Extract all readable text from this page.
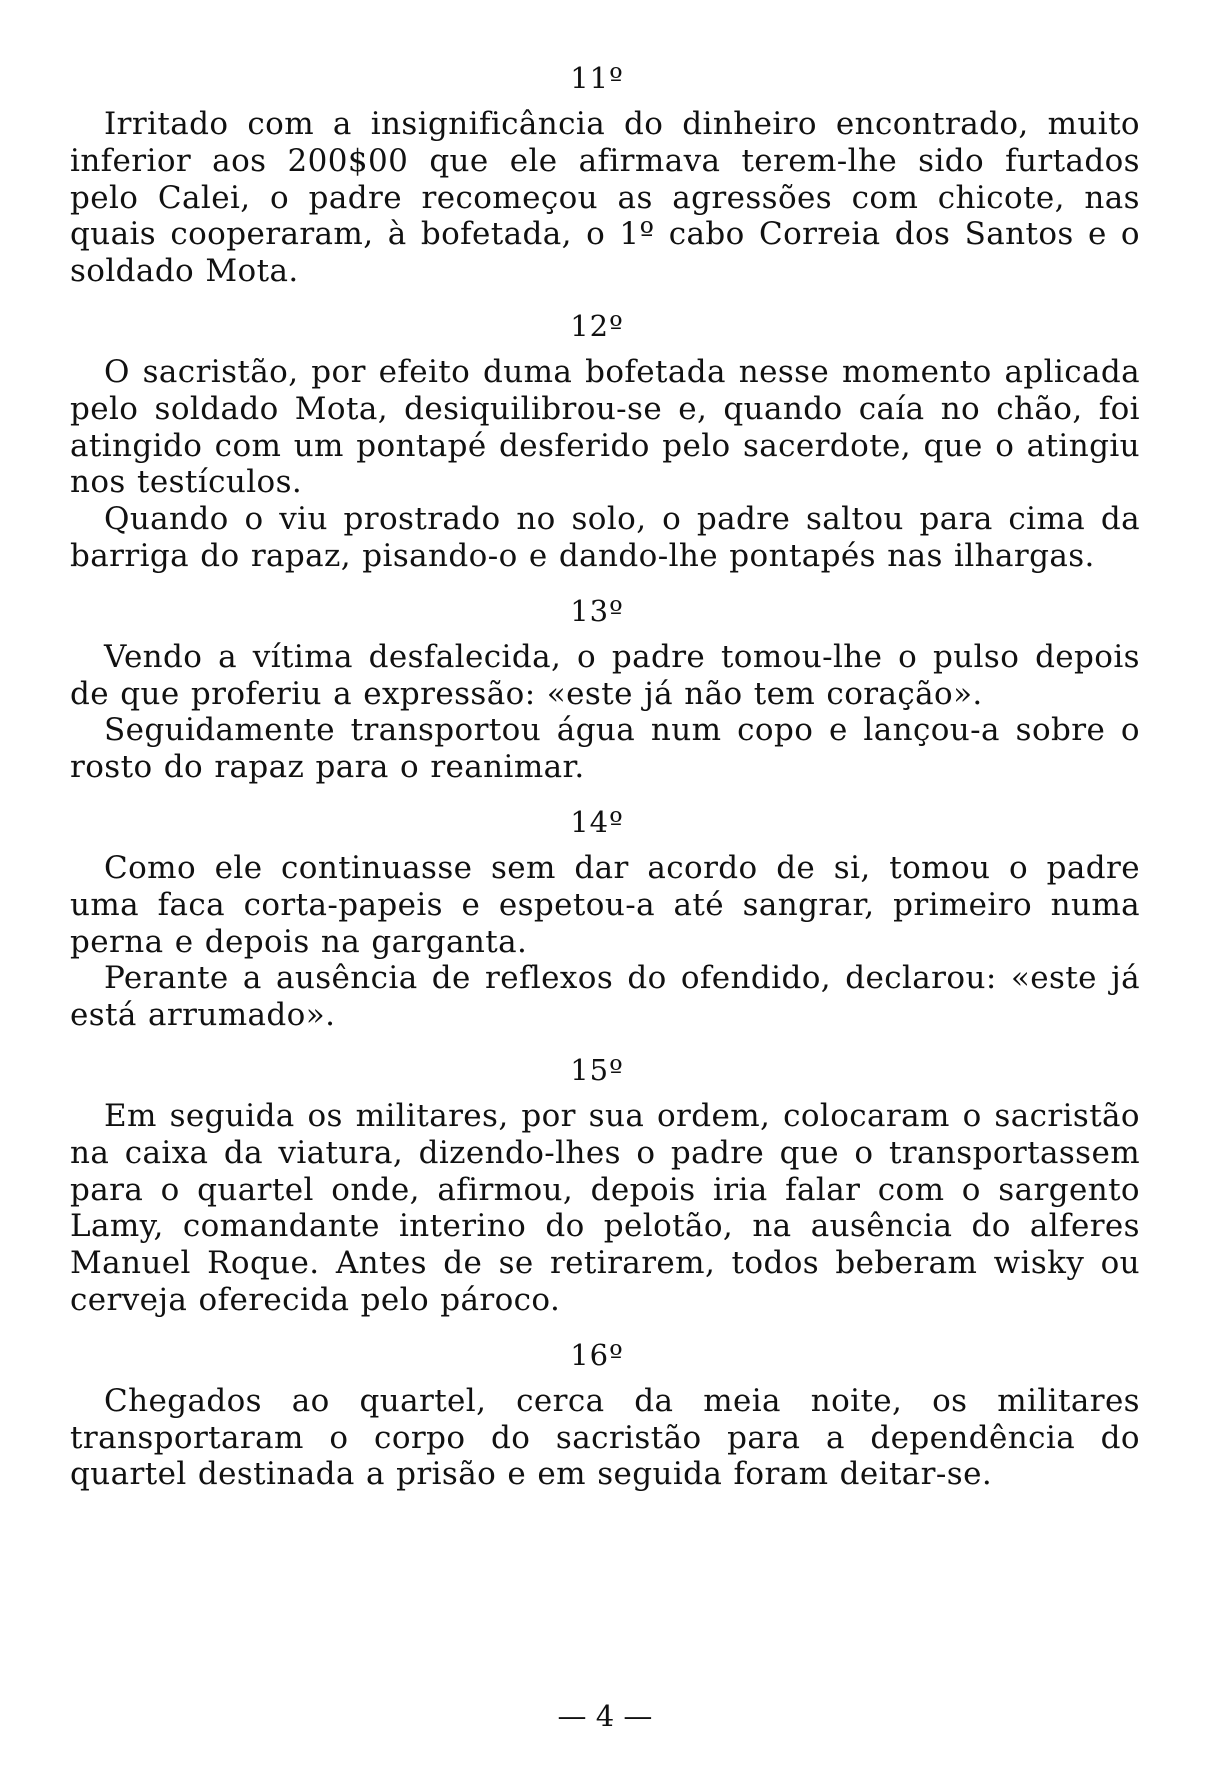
11º

Irritado com a insignificância do dinheiro encontrado, muito inferior aos 200$00 que ele afirmava terem-lhe sido furtados pelo Calei, o padre recomeçou as agressões com chicote, nas quais cooperaram, à bofetada, o 1º cabo Correia dos Santos e o soldado Mota.

12º

O sacristão, por efeito duma bofetada nesse momento aplicada pelo soldado Mota, desiquilibrou-se e, quando caía no chão, foi atingido com um pontapé desferido pelo sacerdote, que o atingiu nos testículos.

Quando o viu prostrado no solo, o padre saltou para cima da barriga do rapaz, pisando-o e dando-lhe pontapés nas ilhargas.

13º

Vendo a vítima desfalecida, o padre tomou-lhe o pulso depois de que proferiu a expressão: «este já não tem coração».

Seguidamente transportou água num copo e lançou-a sobre o rosto do rapaz para o reanimar.

14º

Como ele continuasse sem dar acordo de si, tomou o padre uma faca corta-papeis e espetou-a até sangrar, primeiro numa perna e depois na garganta.

Perante a ausência de reflexos do ofendido, declarou: «este já está arrumado».

15º

Em seguida os militares, por sua ordem, colocaram o sacristão na caixa da viatura, dizendo-lhes o padre que o transportassem para o quartel onde, afirmou, depois iria falar com o sargento Lamy, comandante interino do pelotão, na ausência do alferes Manuel Roque. Antes de se retirarem, todos beberam wisky ou cerveja oferecida pelo pároco.

16º

Chegados ao quartel, cerca da meia noite, os militares transportaram o corpo do sacristão para a dependência do quartel destinada a prisão e em seguida foram deitar-se.

— 4 —
